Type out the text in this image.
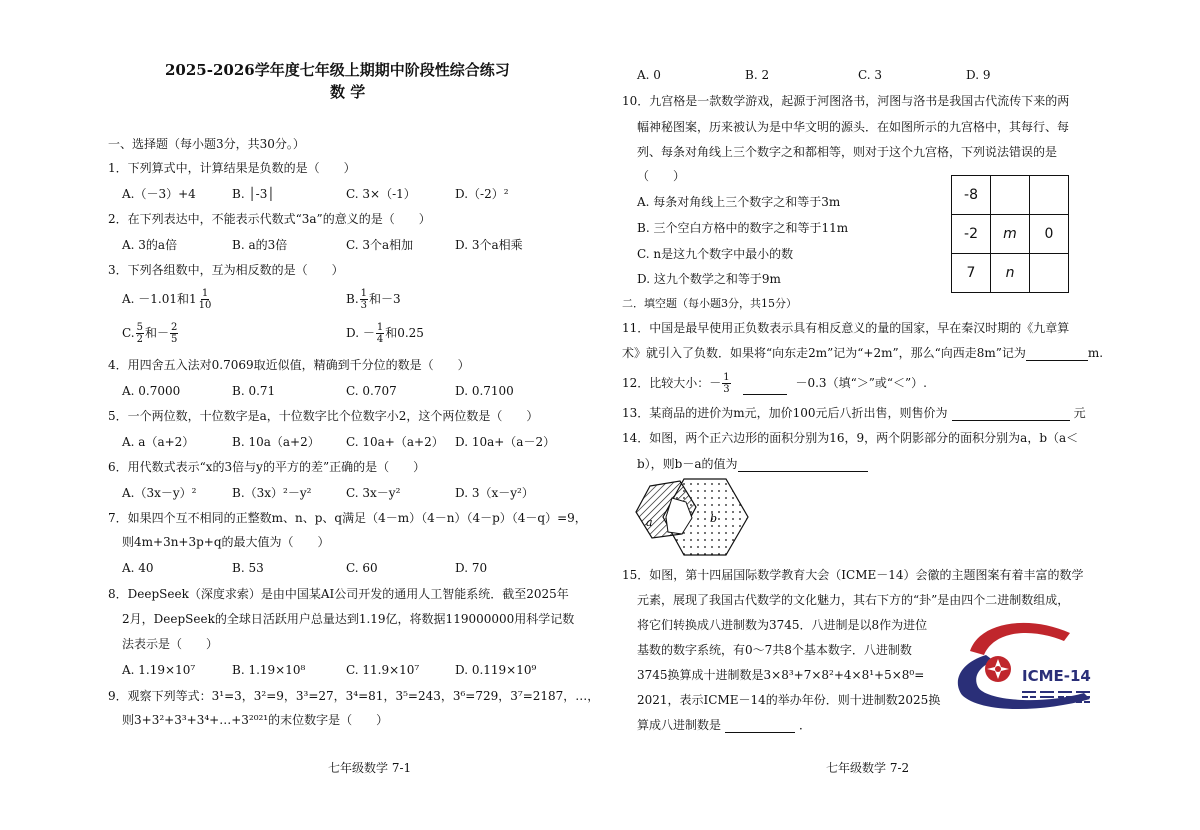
2025-2026学年度七年级上期期中阶段性综合练习
数 学
一、选择题（每小题3分，共30分。）
1．下列算式中，计算结果是负数的是（　　）
A.（－3）+4	B. │-3│	C. 3×（-1）	D.（-2）²
2．在下列表达中，不能表示代数式“3a”的意义的是（　　）
A. 3的a倍	B. a的3倍	C. 3个a相加	D. 3个a相乘
3．下列各组数中，互为相反数的是（　　）
A. －1.01和$1 \frac{1}{10}$	B. $\frac{1}{3}$ 和－3
C. $\frac{5}{2}$ 和－ $\frac{2}{5}$	D. － $\frac{1}{4}$ 和0.25
4．用四舍五入法对0.7069取近似值，精确到千分位的数是（　　）
A. 0.7000	B. 0.71	C. 0.707	D. 0.7100
5．一个两位数，十位数字是a，十位数字比个位数字小2，这个两位数是（　　）
A. a（a+2）	B. 10a（a+2） C. 10a+（a+2） D. 10a+（a－2）
6．用代数式表示“x的3倍与y的平方的差”正确的是（　　）
A.（3x－y）²	B.（3x）²－y²	C. 3x－y²	D. 3（x－y²）
7．如果四个互不相同的正整数m、n、p、q满足（4－m）（4－n）（4－p）（4－q）=9，
则4m+3n+3p+q的最大值为（　　）
A. 40	B. 53	C. 60	D. 70
8．DeepSeek（深度求索）是由中国某AI公司开发的通用人工智能系统．截至2025年
2月，DeepSeek的全球日活跃用户总量达到1.19亿，将数据119000000用科学记数
法表示是（　　）
A. 1.19×10⁷	B. 1.19×10⁸	C. 11.9×10⁷	D. 0.119×10⁹
9．观察下列等式：3¹=3，3²=9，3³=27，3⁴=81，3⁵=243，3⁶=729，3⁷=2187，…，
则3+3²+3³+3⁴+…+3²⁰²¹的末位数字是（　　）
七年级数学 7-1
A. 0	B. 2	C. 3	D. 9
10．九宫格是一款数学游戏，起源于河图洛书，河图与洛书是我国古代流传下来的两
幅神秘图案，历来被认为是中华文明的源头．在如图所示的九宫格中，其每行、每
列、每条对角线上三个数字之和都相等，则对于这个九宫格，下列说法错误的是
（　　）
A. 每条对角线上三个数字之和等于3m
B. 三个空白方格中的数字之和等于11m
C. n是这九个数字中最小的数
D. 这九个数学之和等于9m
-8		
-2	m	0
7	n	
二．填空题（每小题3分，共15分）
11．中国是最早使用正负数表示具有相反意义的量的国家，早在秦汉时期的《九章算
术》就引入了负数．如果将“向东走2m”记为“+2m”，那么“向西走8m”记为	m.
12．比较大小：－ $\frac{1}{3}$	－0.3（填“＞”或“＜”）.
13．某商品的进价为m元，加价100元后八折出售，则售价为	元
14．如图，两个正六边形的面积分别为16，9，两个阴影部分的面积分别为a，b（a＜
b），则b－a的值为
a	b
15．如图，第十四届国际数学教育大会（ICME－14）会徽的主题图案有着丰富的数学
元素，展现了我国古代数学的文化魅力，其右下方的“卦”是由四个二进制数组成，
将它们转换成八进制数为3745．八进制是以8作为进位
基数的数字系统，有0～7共8个基本数字．八进制数
3745换算成十进制数是3×8³+7×8²+4×8¹+5×8⁰=
2021，表示ICME－14的举办年份．则十进制数2025换
算成八进制数是	．
ICME-14
七年级数学 7-2
